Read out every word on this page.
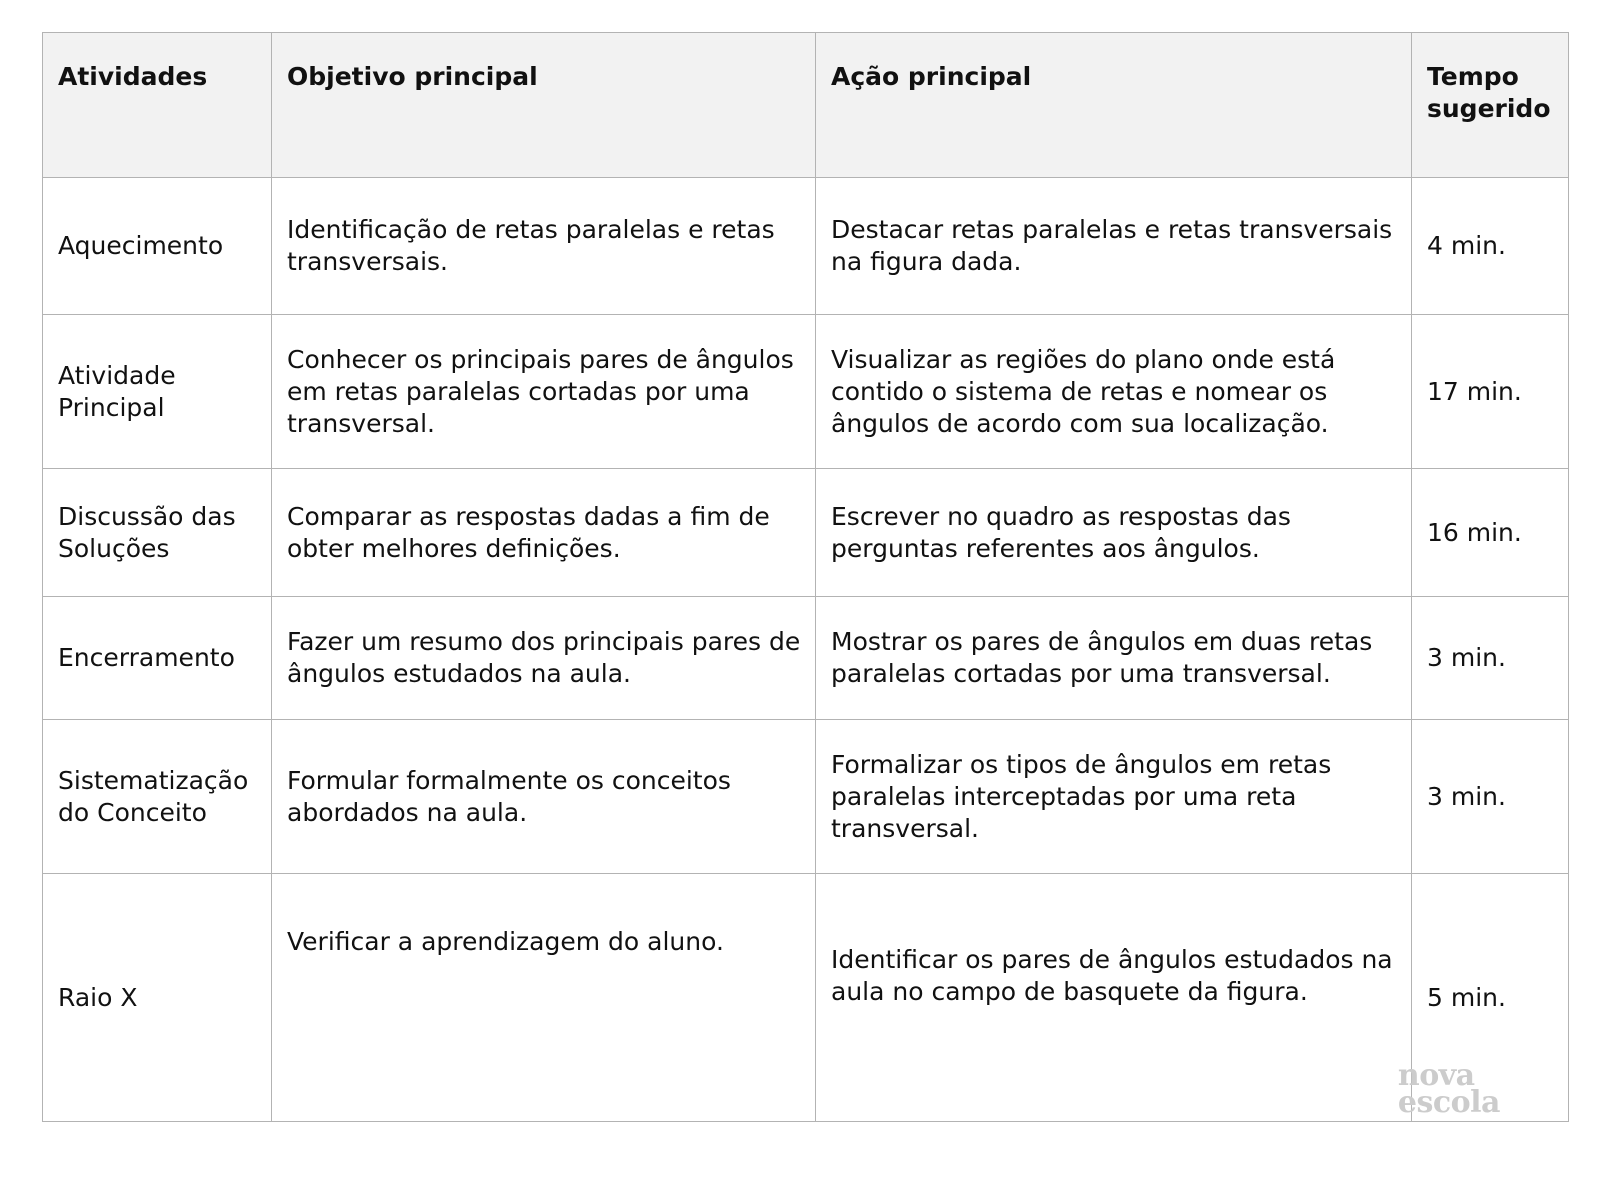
Atividades	Objetivo principal	Ação principal	Tempo sugerido
Aquecimento	Identificação de retas paralelas e retas transversais.	Destacar retas paralelas e retas transversais na figura dada.	4 min.
Atividade Principal	Conhecer os principais pares de ângulos em retas paralelas cortadas por uma transversal.	Visualizar as regiões do plano onde está contido o sistema de retas e nomear os ângulos de acordo com sua localização.	17 min.
Discussão das Soluções	Comparar as respostas dadas a fim de obter melhores definições.	Escrever no quadro as respostas das perguntas referentes aos ângulos.	16 min.
Encerramento	Fazer um resumo dos principais pares de ângulos estudados na aula.	Mostrar os pares de ângulos em duas retas paralelas cortadas por uma transversal.	3 min.
Sistematização do Conceito	Formular formalmente os conceitos abordados na aula.	Formalizar os tipos de ângulos em retas paralelas interceptadas por uma reta transversal.	3 min.
Raio X	Verificar a aprendizagem do aluno.	Identificar os pares de ângulos estudados na aula no campo de basquete da figura.	5 min.
nova
escola
